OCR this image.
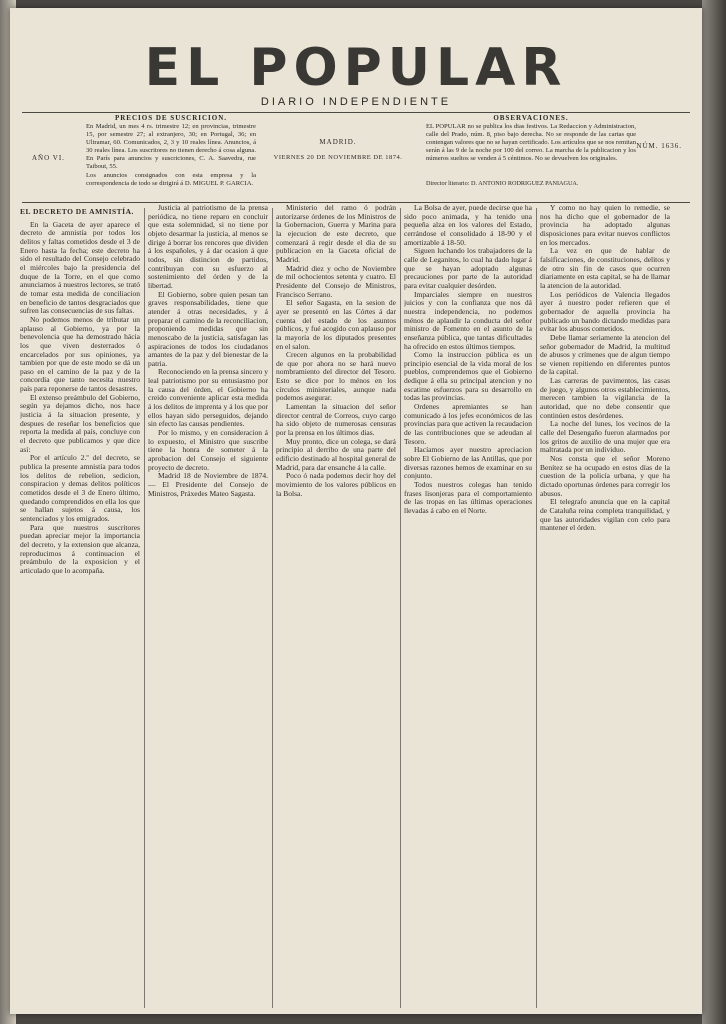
EL POPULAR
DIARIO INDEPENDIENTE
AÑO VI.
PRECIOS DE SUSCRICION.

En Madrid, un mes 4 rs. trimestre 12; en provincias, trimestre 15, por semestre 27; al extranjero, 30; en Portugal, 36; en Ultramar, 60. Comunicados, 2, 3 y 10 reales línea. Anuncios, á 30 reales línea. Los suscritores no tienen derecho á cosa alguna. En París para anuncios y suscriciones, C. A. Saavedra, rue Taibout, 55.

Los anuncios consignados con esta empresa y la correspondencia de todo se dirigirá á D. MIGUEL P. GARCIA.

MADRID.
VIERNES 20 DE NOVIEMBRE DE 1874.
OBSERVACIONES.

EL POPULAR no se publica los dias festivos. La Redaccion y Administracion, calle del Prado, núm. 8, piso bajo derecha. No se responde de las cartas que contengan valores que no se hayan certificado. Los artículos que se nos remitan serán á las 9 de la noche por 100 del correo. La marcha de la publicacion y los números sueltos se venden á 5 céntimos. No se devuelven los originales.

Director literario: D. ANTONIO RODRIGUEZ PANIAGUA.
NÚM. 1636.

EL DECRETO DE AMNISTÍA.

En la Gaceta de ayer aparece el decreto de amnistía por todos los delitos y faltas cometidos desde el 3 de Enero hasta la fecha; este decreto ha sido el resultado del Consejo celebrado el miércoles bajo la presidencia del duque de la Torre, en el que como anunciamos á nuestros lectores, se trató de tomar esta medida de conciliacion en beneficio de tantos desgraciados que sufren las consecuencias de sus faltas.

No podemos menos de tributar un aplauso al Gobierno, ya por la benevolencia que ha demostrado hácia los que viven desterrados ó encarcelados por sus opiniones, ya tambien por que de este modo se dá un paso en el camino de la paz y de la concordia que tanto necesita nuestro país para reponerse de tantos desastres.

El extenso preámbulo del Gobierno, según ya dejamos dicho, nos hace justicia á la situacion presente, y despues de reseñar los beneficios que reporta la medida al país, concluye con el decreto que publicamos y que dice así:

Por el artículo 2.º del decreto, se publica la presente amnistía para todos los delitos de rebelion, sedicion, conspiracion y demas delitos políticos cometidos desde el 3 de Enero último, quedando comprendidos en ella los que se hallan sujetos á causa, los sentenciados y los emigrados.

Para que nuestros suscritores puedan apreciar mejor la importancia del decreto, y la extension que alcanza, reproducimos á continuacion el preámbulo de la exposicion y el articulado que lo acompaña.

Justicia al patriotismo de la prensa periódica, no tiene reparo en concluir que esta solemnidad, si no tiene por objeto desarmar la justicia, al menos se dirige á borrar los rencores que dividen á los españoles, y á dar ocasion á que todos, sin distincion de partidos, contribuyan con su esfuerzo al sostenimiento del órden y de la libertad.

El Gobierno, sobre quien pesan tan graves responsabilidades, tiene que atender á otras necesidades, y á preparar el camino de la reconciliacion, proponiendo medidas que sin menoscabo de la justicia, satisfagan las aspiraciones de todos los ciudadanos amantes de la paz y del bienestar de la patria.

Reconociendo en la prensa sincero y leal patriotismo por su entusiasmo por la causa del órden, el Gobierno ha creido conveniente aplicar esta medida á los delitos de imprenta y á los que por ellos hayan sido perseguidos, dejando sin efecto las causas pendientes.

Por lo mismo, y en consideracion á lo expuesto, el Ministro que suscribe tiene la honra de someter á la aprobacion del Consejo el siguiente proyecto de decreto.

Madrid 18 de Noviembre de 1874. — El Presidente del Consejo de Ministros, Práxedes Mateo Sagasta.

Ministerio del ramo ó podrán autorizarse órdenes de los Ministros de la Gobernacion, Guerra y Marina para la ejecucion de este decreto, que comenzará á regir desde el dia de su publicacion en la Gaceta oficial de Madrid.

Madrid diez y ocho de Noviembre de mil ochocientos setenta y cuatro. El Presidente del Consejo de Ministros, Francisco Serrano.

El señor Sagasta, en la sesion de ayer se presentó en las Córtes á dar cuenta del estado de los asuntos públicos, y fué acogido con aplauso por la mayoría de los diputados presentes en el salon.

Crecen algunos en la probabilidad de que por ahora no se hará nuevo nombramiento del director del Tesoro. Esto se dice por lo ménos en los círculos ministeriales, aunque nada podemos asegurar.

Lamentan la situacion del señor director central de Correos, cuyo cargo ha sido objeto de numerosas censuras por la prensa en los últimos dias.

Muy pronto, dice un colega, se dará principio al derribo de una parte del edificio destinado al hospital general de Madrid, para dar ensanche á la calle.

Poco ó nada podemos decir hoy del movimiento de los valores públicos en la Bolsa.

La Bolsa de ayer, puede decirse que ha sido poco animada, y ha tenido una pequeña alza en los valores del Estado, cerrándose el consolidado á 18-90 y el amortizable á 18-50.

Siguen luchando los trabajadores de la calle de Leganitos, lo cual ha dado lugar á que se hayan adoptado algunas precauciones por parte de la autoridad para evitar cualquier desórden.

Imparciales siempre en nuestros juicios y con la confianza que nos dá nuestra independencia, no podemos ménos de aplaudir la conducta del señor ministro de Fomento en el asunto de la enseñanza pública, que tantas dificultades ha ofrecido en estos últimos tiempos.

Como la instruccion pública es un principio esencial de la vida moral de los pueblos, comprendemos que el Gobierno dedique á ella su principal atencion y no escatime esfuerzos para su desarrollo en todas las provincias.

Ordenes apremiantes se han comunicado á los jefes económicos de las provincias para que activen la recaudacion de las contribuciones que se adeudan al Tesoro.

Hacíamos ayer nuestro apreciacion sobre El Gobierno de las Antillas, que por diversas razones hemos de examinar en su conjunto.

Todos nuestros colegas han tenido frases lisonjeras para el comportamiento de las tropas en las últimas operaciones llevadas á cabo en el Norte.

Y como no hay quien lo remedie, se nos ha dicho que el gobernador de la provincia ha adoptado algunas disposiciones para evitar nuevos conflictos en los mercados.

La vez en que de hablar de falsificaciones, de constituciones, delitos y de otro sin fin de casos que ocurren diariamente en esta capital, se ha de llamar la atencion de la autoridad.

Los periódicos de Valencia llegados ayer á nuestro poder refieren que el gobernador de aquella provincia ha publicado un bando dictando medidas para evitar los abusos cometidos.

Debe llamar seriamente la atencion del señor gobernador de Madrid, la multitud de abusos y crímenes que de algun tiempo se vienen repitiendo en diferentes puntos de la capital.

Las carreras de pavimentos, las casas de juego, y algunos otros establecimientos, merecen tambien la vigilancia de la autoridad, que no debe consentir que continúen estos desórdenes.

La noche del lunes, los vecinos de la calle del Desengaño fueron alarmados por los gritos de auxilio de una mujer que era maltratada por un individuo.

Nos consta que el señor Moreno Benítez se ha ocupado en estos días de la cuestion de la policía urbana, y que ha dictado oportunas órdenes para corregir los abusos.

El telegrafo anuncia que en la capital de Cataluña reina completa tranquilidad, y que las autoridades vigilan con celo para mantener el órden.
